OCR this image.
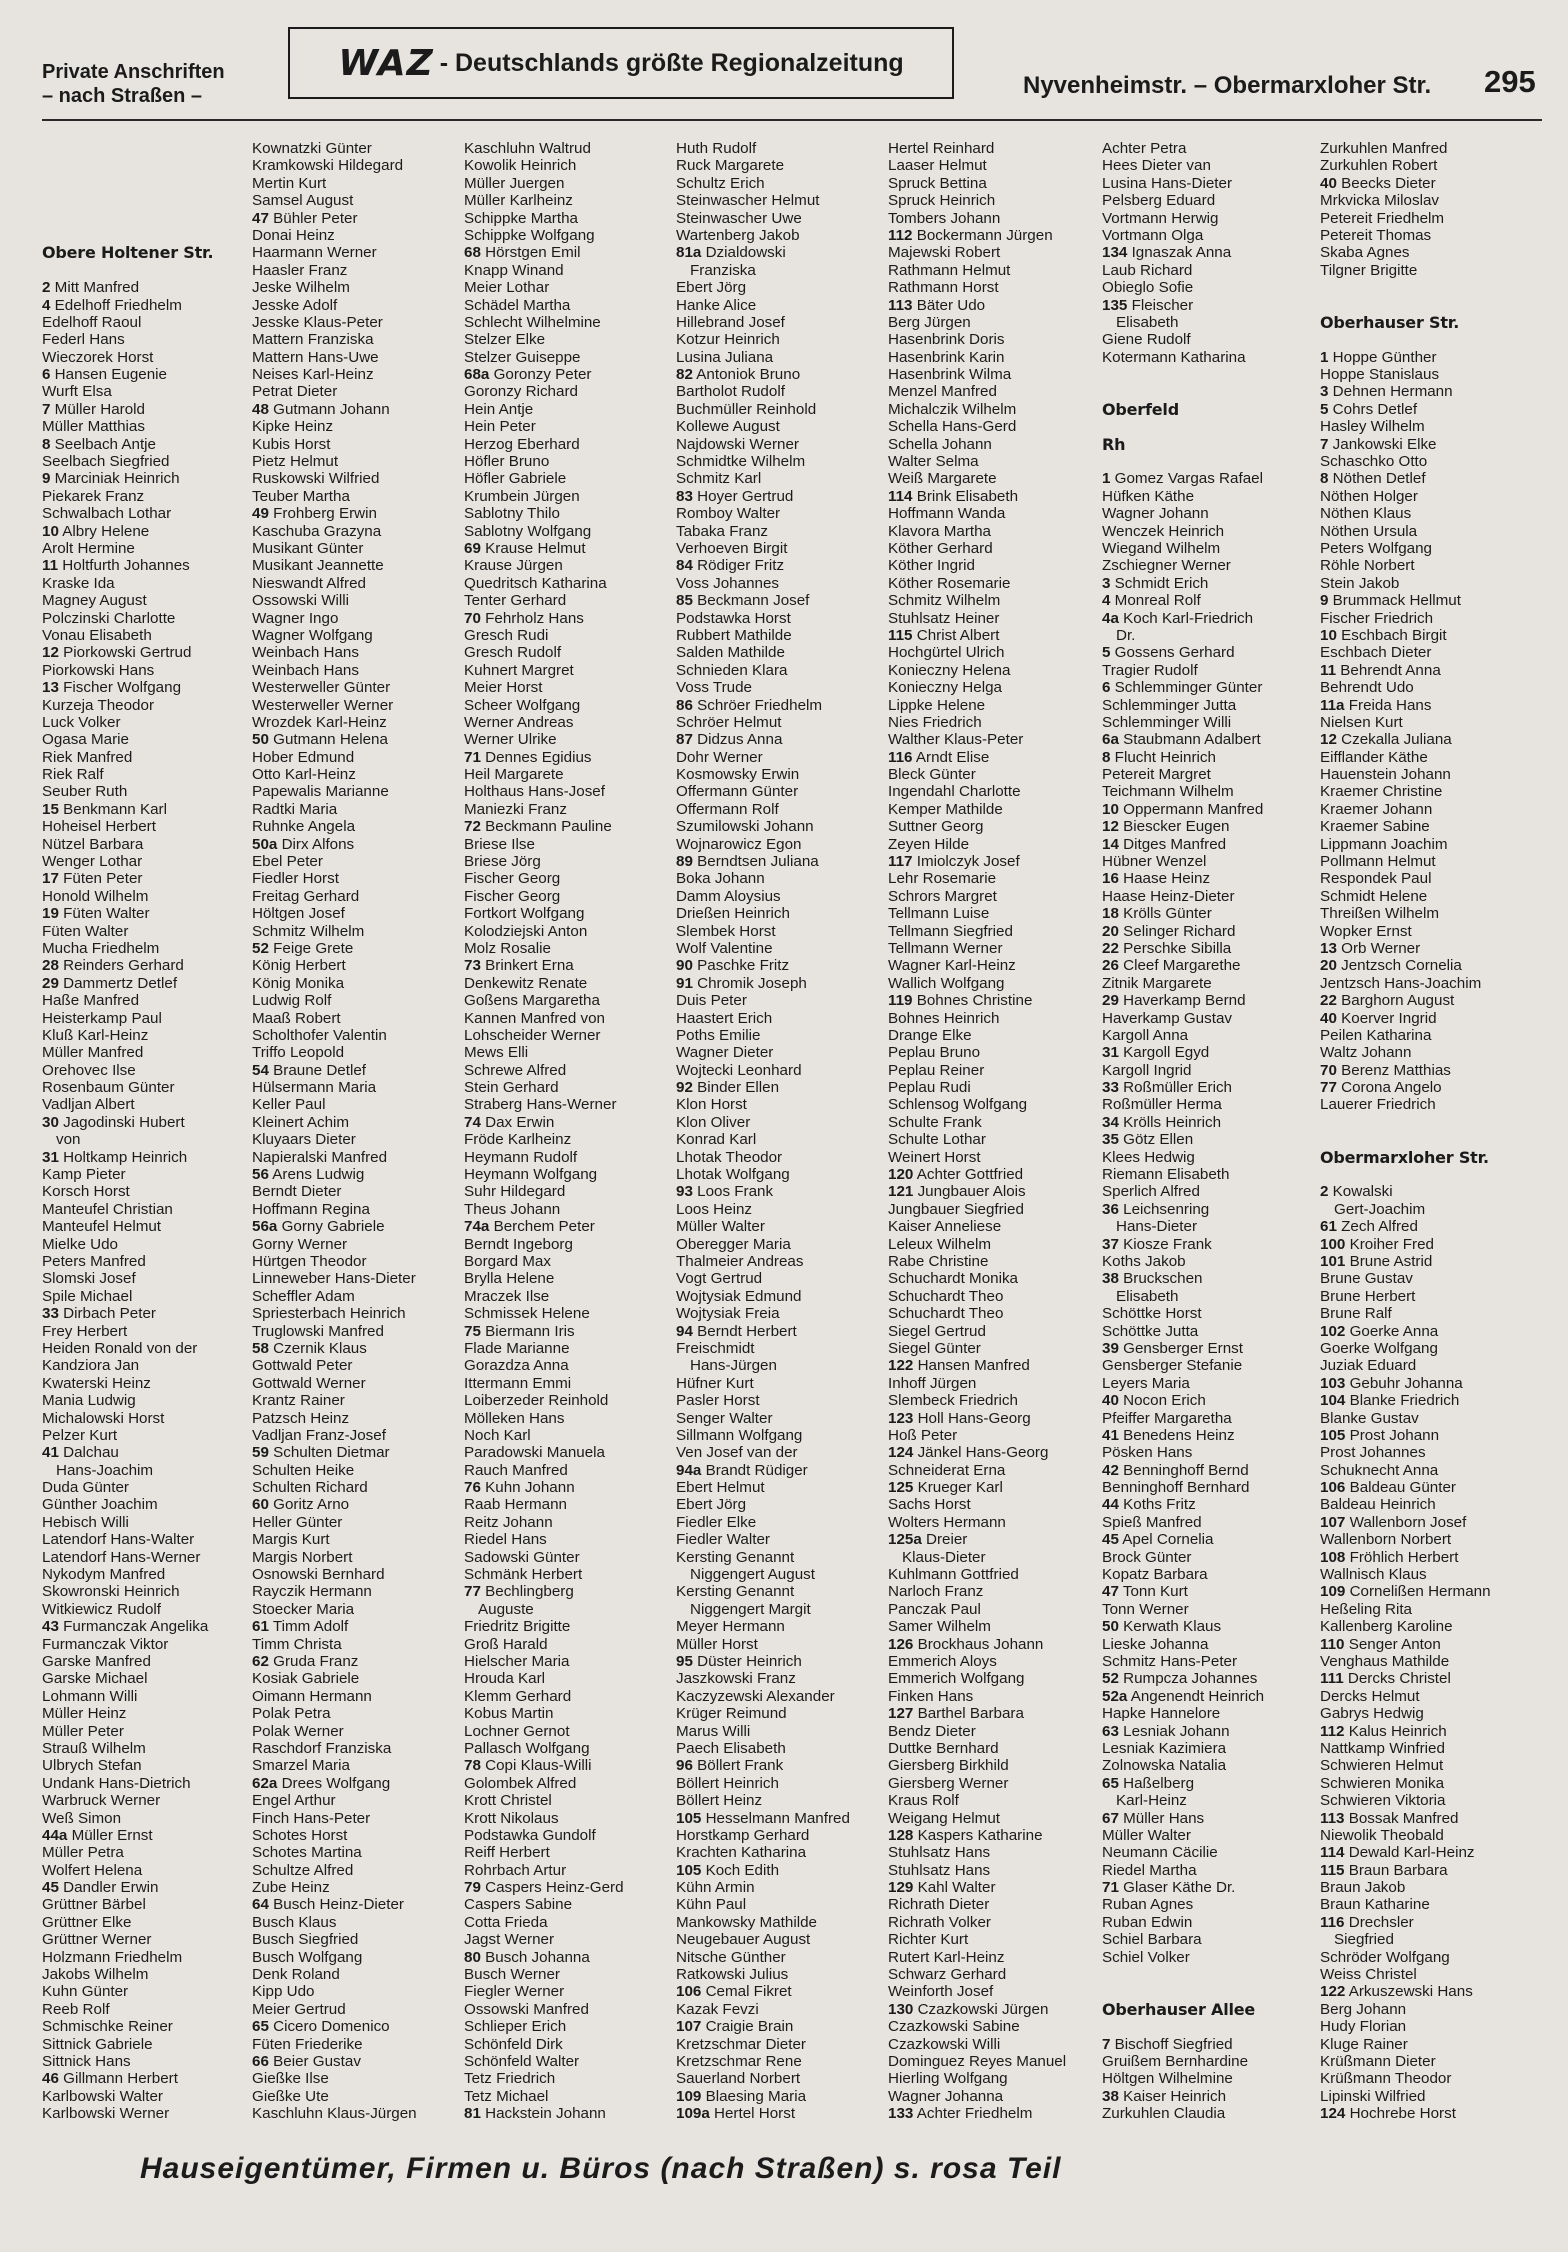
Private Anschriften
– nach Straßen –
WAZ - Deutschlands größte Regionalzeitung
Nyvenheimstr. – Obermarxloher Str. 295
Obere Holtener Str.
2 Mitt Manfred
4 Edelhoff Friedhelm
Edelhoff Raoul
Federl Hans
Wieczorek Horst
6 Hansen Eugenie
Wurft Elsa
7 Müller Harold
Müller Matthias
8 Seelbach Antje
Seelbach Siegfried
9 Marciniak Heinrich
Piekarek Franz
Schwalbach Lothar
10 Albry Helene
Arolt Hermine
11 Holtfurth Johannes
Kraske Ida
Magney August
Polczinski Charlotte
Vonau Elisabeth
12 Piorkowski Gertrud
Piorkowski Hans
13 Fischer Wolfgang
Kurzeja Theodor
Luck Volker
Ogasa Marie
Riek Manfred
Riek Ralf
Seuber Ruth
15 Benkmann Karl
Hoheisel Herbert
Nützel Barbara
Wenger Lothar
17 Füten Peter
Honold Wilhelm
19 Füten Walter
Füten Walter
Mucha Friedhelm
28 Reinders Gerhard
29 Dammertz Detlef
Haße Manfred
Heisterkamp Paul
Kluß Karl-Heinz
Müller Manfred
Orehovec Ilse
Rosenbaum Günter
Vadljan Albert
30 Jagodinski Hubert
von
31 Holtkamp Heinrich
Kamp Pieter
Korsch Horst
Manteufel Christian
Manteufel Helmut
Mielke Udo
Peters Manfred
Slomski Josef
Spile Michael
33 Dirbach Peter
Frey Herbert
Heiden Ronald von der
Kandziora Jan
Kwaterski Heinz
Mania Ludwig
Michalowski Horst
Pelzer Kurt
41 Dalchau
Hans-Joachim
Duda Günter
Günther Joachim
Hebisch Willi
Latendorf Hans-Walter
Latendorf Hans-Werner
Nykodym Manfred
Skowronski Heinrich
Witkiewicz Rudolf
43 Furmanczak Angelika
Furmanczak Viktor
Garske Manfred
Garske Michael
Lohmann Willi
Müller Heinz
Müller Peter
Strauß Wilhelm
Ulbrych Stefan
Undank Hans-Dietrich
Warbruck Werner
Weß Simon
44a Müller Ernst
Müller Petra
Wolfert Helena
45 Dandler Erwin
Grüttner Bärbel
Grüttner Elke
Grüttner Werner
Holzmann Friedhelm
Jakobs Wilhelm
Kuhn Günter
Reeb Rolf
Schmischke Reiner
Sittnick Gabriele
Sittnick Hans
46 Gillmann Herbert
Karlbowski Walter
Karlbowski Werner
Kownatzki Günter
Kramkowski Hildegard
Mertin Kurt
Samsel August
47 Bühler Peter
Donai Heinz
Haarmann Werner
Haasler Franz
Jeske Wilhelm
Jesske Adolf
Jesske Klaus-Peter
Mattern Franziska
Mattern Hans-Uwe
Neises Karl-Heinz
Petrat Dieter
48 Gutmann Johann
Kipke Heinz
Kubis Horst
Pietz Helmut
Ruskowski Wilfried
Teuber Martha
49 Frohberg Erwin
Kaschuba Grazyna
Musikant Günter
Musikant Jeannette
Nieswandt Alfred
Ossowski Willi
Wagner Ingo
Wagner Wolfgang
Weinbach Hans
Weinbach Hans
Westerweller Günter
Westerweller Werner
Wrozdek Karl-Heinz
50 Gutmann Helena
Hober Edmund
Otto Karl-Heinz
Papewalis Marianne
Radtki Maria
Ruhnke Angela
50a Dirx Alfons
Ebel Peter
Fiedler Horst
Freitag Gerhard
Höltgen Josef
Schmitz Wilhelm
52 Feige Grete
König Herbert
König Monika
Ludwig Rolf
Maaß Robert
Scholthofer Valentin
Triffo Leopold
54 Braune Detlef
Hülsermann Maria
Keller Paul
Kleinert Achim
Kluyaars Dieter
Napieralski Manfred
56 Arens Ludwig
Berndt Dieter
Hoffmann Regina
56a Gorny Gabriele
Gorny Werner
Hürtgen Theodor
Linneweber Hans-Dieter
Scheffler Adam
Spriesterbach Heinrich
Truglowski Manfred
58 Czernik Klaus
Gottwald Peter
Gottwald Werner
Krantz Rainer
Patzsch Heinz
Vadljan Franz-Josef
59 Schulten Dietmar
Schulten Heike
Schulten Richard
60 Goritz Arno
Heller Günter
Margis Kurt
Margis Norbert
Osnowski Bernhard
Rayczik Hermann
Stoecker Maria
61 Timm Adolf
Timm Christa
62 Gruda Franz
Kosiak Gabriele
Oimann Hermann
Polak Petra
Polak Werner
Raschdorf Franziska
Smarzel Maria
62a Drees Wolfgang
Engel Arthur
Finch Hans-Peter
Schotes Horst
Schotes Martina
Schultze Alfred
Zube Heinz
64 Busch Heinz-Dieter
Busch Klaus
Busch Siegfried
Busch Wolfgang
Denk Roland
Kipp Udo
Meier Gertrud
65 Cicero Domenico
Füten Friederike
66 Beier Gustav
Gießke Ilse
Gießke Ute
Kaschluhn Klaus-Jürgen
Kaschluhn Waltrud
Kowolik Heinrich
Müller Juergen
Müller Karlheinz
Schippke Martha
Schippke Wolfgang
68 Hörstgen Emil
Knapp Winand
Meier Lothar
Schädel Martha
Schlecht Wilhelmine
Stelzer Elke
Stelzer Guiseppe
68a Goronzy Peter
Goronzy Richard
Hein Antje
Hein Peter
Herzog Eberhard
Höfler Bruno
Höfler Gabriele
Krumbein Jürgen
Sablotny Thilo
Sablotny Wolfgang
69 Krause Helmut
Krause Jürgen
Quedritsch Katharina
Tenter Gerhard
70 Fehrholz Hans
Gresch Rudi
Gresch Rudolf
Kuhnert Margret
Meier Horst
Scheer Wolfgang
Werner Andreas
Werner Ulrike
71 Dennes Egidius
Heil Margarete
Holthaus Hans-Josef
Maniezki Franz
72 Beckmann Pauline
Briese Ilse
Briese Jörg
Fischer Georg
Fischer Georg
Fortkort Wolfgang
Kolodziejski Anton
Molz Rosalie
73 Brinkert Erna
Denkewitz Renate
Goßens Margaretha
Kannen Manfred von
Lohscheider Werner
Mews Elli
Schrewe Alfred
Stein Gerhard
Straberg Hans-Werner
74 Dax Erwin
Fröde Karlheinz
Heymann Rudolf
Heymann Wolfgang
Suhr Hildegard
Theus Johann
74a Berchem Peter
Berndt Ingeborg
Borgard Max
Brylla Helene
Mraczek Ilse
Schmissek Helene
75 Biermann Iris
Flade Marianne
Gorazdza Anna
Ittermann Emmi
Loiberzeder Reinhold
Mölleken Hans
Noch Karl
Paradowski Manuela
Rauch Manfred
76 Kuhn Johann
Raab Hermann
Reitz Johann
Riedel Hans
Sadowski Günter
Schmänk Herbert
77 Bechlingberg
Auguste
Friedritz Brigitte
Groß Harald
Hielscher Maria
Hrouda Karl
Klemm Gerhard
Kobus Martin
Lochner Gernot
Pallasch Wolfgang
78 Copi Klaus-Willi
Golombek Alfred
Krott Christel
Krott Nikolaus
Podstawka Gundolf
Reiff Herbert
Rohrbach Artur
79 Caspers Heinz-Gerd
Caspers Sabine
Cotta Frieda
Jagst Werner
80 Busch Johanna
Busch Werner
Fiegler Werner
Ossowski Manfred
Schlieper Erich
Schönfeld Dirk
Schönfeld Walter
Tetz Friedrich
Tetz Michael
81 Hackstein Johann
Huth Rudolf
Ruck Margarete
Schultz Erich
Steinwascher Helmut
Steinwascher Uwe
Wartenberg Jakob
81a Dzialdowski
Franziska
Ebert Jörg
Hanke Alice
Hillebrand Josef
Kotzur Heinrich
Lusina Juliana
82 Antoniok Bruno
Bartholot Rudolf
Buchmüller Reinhold
Kollewe August
Najdowski Werner
Schmidtke Wilhelm
Schmitz Karl
83 Hoyer Gertrud
Romboy Walter
Tabaka Franz
Verhoeven Birgit
84 Rödiger Fritz
Voss Johannes
85 Beckmann Josef
Podstawka Horst
Rubbert Mathilde
Salden Mathilde
Schnieden Klara
Voss Trude
86 Schröer Friedhelm
Schröer Helmut
87 Didzus Anna
Dohr Werner
Kosmowsky Erwin
Offermann Günter
Offermann Rolf
Szumilowski Johann
Wojnarowicz Egon
89 Berndtsen Juliana
Boka Johann
Damm Aloysius
Drießen Heinrich
Slembek Horst
Wolf Valentine
90 Paschke Fritz
91 Chromik Joseph
Duis Peter
Haastert Erich
Poths Emilie
Wagner Dieter
Wojtecki Leonhard
92 Binder Ellen
Klon Horst
Klon Oliver
Konrad Karl
Lhotak Theodor
Lhotak Wolfgang
93 Loos Frank
Loos Heinz
Müller Walter
Oberegger Maria
Thalmeier Andreas
Vogt Gertrud
Wojtysiak Edmund
Wojtysiak Freia
94 Berndt Herbert
Freischmidt
Hans-Jürgen
Hüfner Kurt
Pasler Horst
Senger Walter
Sillmann Wolfgang
Ven Josef van der
94a Brandt Rüdiger
Ebert Helmut
Ebert Jörg
Fiedler Elke
Fiedler Walter
Kersting Genannt
Niggengert August
Kersting Genannt
Niggengert Margit
Meyer Hermann
Müller Horst
95 Düster Heinrich
Jaszkowski Franz
Kaczyzewski Alexander
Krüger Reimund
Marus Willi
Paech Elisabeth
96 Böllert Frank
Böllert Heinrich
Böllert Heinz
105 Hesselmann Manfred
Horstkamp Gerhard
Krachten Katharina
105 Koch Edith
Kühn Armin
Kühn Paul
Mankowsky Mathilde
Neugebauer August
Nitsche Günther
Ratkowski Julius
106 Cemal Fikret
Kazak Fevzi
107 Craigie Brain
Kretzschmar Dieter
Kretzschmar Rene
Sauerland Norbert
109 Blaesing Maria
109a Hertel Horst
Hertel Reinhard
Laaser Helmut
Spruck Bettina
Spruck Heinrich
Tombers Johann
112 Bockermann Jürgen
Majewski Robert
Rathmann Helmut
Rathmann Horst
113 Bäter Udo
Berg Jürgen
Hasenbrink Doris
Hasenbrink Karin
Hasenbrink Wilma
Menzel Manfred
Michalczik Wilhelm
Schella Hans-Gerd
Schella Johann
Walter Selma
Weiß Margarete
114 Brink Elisabeth
Hoffmann Wanda
Klavora Martha
Köther Gerhard
Köther Ingrid
Köther Rosemarie
Schmitz Wilhelm
Stuhlsatz Heiner
115 Christ Albert
Hochgürtel Ulrich
Konieczny Helena
Konieczny Helga
Lippke Helene
Nies Friedrich
Walther Klaus-Peter
116 Arndt Elise
Bleck Günter
Ingendahl Charlotte
Kemper Mathilde
Suttner Georg
Zeyen Hilde
117 Imiolczyk Josef
Lehr Rosemarie
Schrors Margret
Tellmann Luise
Tellmann Siegfried
Tellmann Werner
Wagner Karl-Heinz
Wallich Wolfgang
119 Bohnes Christine
Bohnes Heinrich
Drange Elke
Peplau Bruno
Peplau Reiner
Peplau Rudi
Schlensog Wolfgang
Schulte Frank
Schulte Lothar
Weinert Horst
120 Achter Gottfried
121 Jungbauer Alois
Jungbauer Siegfried
Kaiser Anneliese
Leleux Wilhelm
Rabe Christine
Schuchardt Monika
Schuchardt Theo
Schuchardt Theo
Siegel Gertrud
Siegel Günter
122 Hansen Manfred
Inhoff Jürgen
Slembeck Friedrich
123 Holl Hans-Georg
Hoß Peter
124 Jänkel Hans-Georg
Schneiderat Erna
125 Krueger Karl
Sachs Horst
Wolters Hermann
125a Dreier
Klaus-Dieter
Kuhlmann Gottfried
Narloch Franz
Panczak Paul
Samer Wilhelm
126 Brockhaus Johann
Emmerich Aloys
Emmerich Wolfgang
Finken Hans
127 Barthel Barbara
Bendz Dieter
Duttke Bernhard
Giersberg Birkhild
Giersberg Werner
Kraus Rolf
Weigang Helmut
128 Kaspers Katharine
Stuhlsatz Hans
Stuhlsatz Hans
129 Kahl Walter
Richrath Dieter
Richrath Volker
Richter Kurt
Rutert Karl-Heinz
Schwarz Gerhard
Weinforth Josef
130 Czazkowski Jürgen
Czazkowski Sabine
Czazkowski Willi
Dominguez Reyes Manuel
Hierling Wolfgang
Wagner Johanna
133 Achter Friedhelm
Achter Petra
Hees Dieter van
Lusina Hans-Dieter
Pelsberg Eduard
Vortmann Herwig
Vortmann Olga
134 Ignaszak Anna
Laub Richard
Obieglo Sofie
135 Fleischer
Elisabeth
Giene Rudolf
Kotermann Katharina
Oberfeld
Rh
1 Gomez Vargas Rafael
Hüfken Käthe
Wagner Johann
Wenczek Heinrich
Wiegand Wilhelm
Zschiegner Werner
3 Schmidt Erich
4 Monreal Rolf
4a Koch Karl-Friedrich
Dr.
5 Gossens Gerhard
Tragier Rudolf
6 Schlemminger Günter
Schlemminger Jutta
Schlemminger Willi
6a Staubmann Adalbert
8 Flucht Heinrich
Petereit Margret
Teichmann Wilhelm
10 Oppermann Manfred
12 Biescker Eugen
14 Ditges Manfred
Hübner Wenzel
16 Haase Heinz
Haase Heinz-Dieter
18 Krölls Günter
20 Selinger Richard
22 Perschke Sibilla
26 Cleef Margarethe
Zitnik Margarete
29 Haverkamp Bernd
Haverkamp Gustav
Kargoll Anna
31 Kargoll Egyd
Kargoll Ingrid
33 Roßmüller Erich
Roßmüller Herma
34 Krölls Heinrich
35 Götz Ellen
Klees Hedwig
Riemann Elisabeth
Sperlich Alfred
36 Leichsenring
Hans-Dieter
37 Kiosze Frank
Koths Jakob
38 Bruckschen
Elisabeth
Schöttke Horst
Schöttke Jutta
39 Gensberger Ernst
Gensberger Stefanie
Leyers Maria
40 Nocon Erich
Pfeiffer Margaretha
41 Benedens Heinz
Pösken Hans
42 Benninghoff Bernd
Benninghoff Bernhard
44 Koths Fritz
Spieß Manfred
45 Apel Cornelia
Brock Günter
Kopatz Barbara
47 Tonn Kurt
Tonn Werner
50 Kerwath Klaus
Lieske Johanna
Schmitz Hans-Peter
52 Rumpcza Johannes
52a Angenendt Heinrich
Hapke Hannelore
63 Lesniak Johann
Lesniak Kazimiera
Zolnowska Natalia
65 Haßelberg
Karl-Heinz
67 Müller Hans
Müller Walter
Neumann Cäcilie
Riedel Martha
71 Glaser Käthe Dr.
Ruban Agnes
Ruban Edwin
Schiel Barbara
Schiel Volker
Oberhauser Allee
7 Bischoff Siegfried
Gruißem Bernhardine
Höltgen Wilhelmine
38 Kaiser Heinrich
Zurkuhlen Claudia
Zurkuhlen Manfred
Zurkuhlen Robert
40 Beecks Dieter
Mrkvicka Miloslav
Petereit Friedhelm
Petereit Thomas
Skaba Agnes
Tilgner Brigitte
Oberhauser Str.
1 Hoppe Günther
Hoppe Stanislaus
3 Dehnen Hermann
5 Cohrs Detlef
Hasley Wilhelm
7 Jankowski Elke
Schaschko Otto
8 Nöthen Detlef
Nöthen Holger
Nöthen Klaus
Nöthen Ursula
Peters Wolfgang
Röhle Norbert
Stein Jakob
9 Brummack Hellmut
Fischer Friedrich
10 Eschbach Birgit
Eschbach Dieter
11 Behrendt Anna
Behrendt Udo
11a Freida Hans
Nielsen Kurt
12 Czekalla Juliana
Eifflander Käthe
Hauenstein Johann
Kraemer Christine
Kraemer Johann
Kraemer Sabine
Lippmann Joachim
Pollmann Helmut
Respondek Paul
Schmidt Helene
Threißen Wilhelm
Wopker Ernst
13 Orb Werner
20 Jentzsch Cornelia
Jentzsch Hans-Joachim
22 Barghorn August
40 Koerver Ingrid
Peilen Katharina
Waltz Johann
70 Berenz Matthias
77 Corona Angelo
Lauerer Friedrich
Obermarxloher Str.
2 Kowalski
Gert-Joachim
61 Zech Alfred
100 Kroiher Fred
101 Brune Astrid
Brune Gustav
Brune Herbert
Brune Ralf
102 Goerke Anna
Goerke Wolfgang
Juziak Eduard
103 Gebuhr Johanna
104 Blanke Friedrich
Blanke Gustav
105 Prost Johann
Prost Johannes
Schuknecht Anna
106 Baldeau Günter
Baldeau Heinrich
107 Wallenborn Josef
Wallenborn Norbert
108 Fröhlich Herbert
Wallnisch Klaus
109 Cornelißen Hermann
Heßeling Rita
Kallenberg Karoline
110 Senger Anton
Venghaus Mathilde
111 Dercks Christel
Dercks Helmut
Gabrys Hedwig
112 Kalus Heinrich
Nattkamp Winfried
Schwieren Helmut
Schwieren Monika
Schwieren Viktoria
113 Bossak Manfred
Niewolik Theobald
114 Dewald Karl-Heinz
115 Braun Barbara
Braun Jakob
Braun Katharine
116 Drechsler
Siegfried
Schröder Wolfgang
Weiss Christel
122 Arkuszewski Hans
Berg Johann
Hudy Florian
Kluge Rainer
Krüßmann Dieter
Krüßmann Theodor
Lipinski Wilfried
124 Hochrebe Horst
Hauseigentümer, Firmen u. Büros (nach Straßen) s. rosa Teil
